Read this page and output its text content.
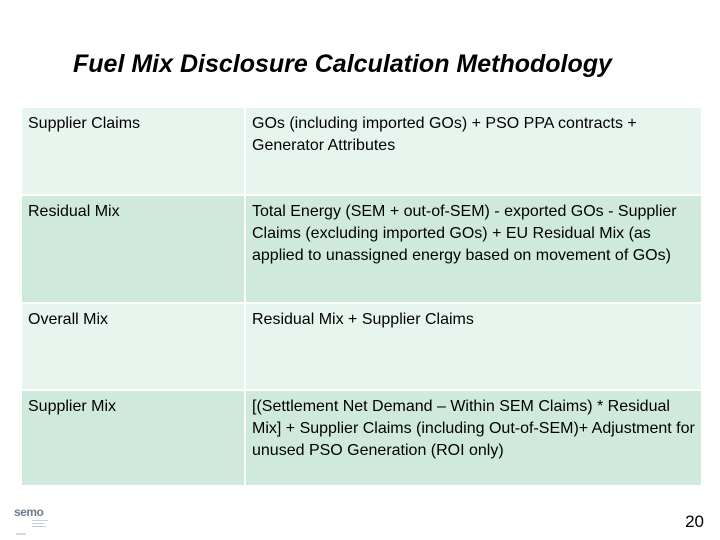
Fuel Mix Disclosure Calculation Methodology
Supplier Claims	GOs (including imported GOs) + PSO PPA contracts + Generator Attributes
Residual Mix	Total Energy (SEM + out-of-SEM) - exported GOs - Supplier Claims (excluding imported GOs) + EU Residual Mix (as applied to unassigned energy based on movement of GOs)
Overall Mix	Residual Mix + Supplier Claims
Supplier Mix	[(Settlement Net Demand – Within SEM Claims) * Residual Mix] + Supplier Claims (including Out-of-SEM)+ Adjustment for unused PSO Generation (ROI only)
semo	20
